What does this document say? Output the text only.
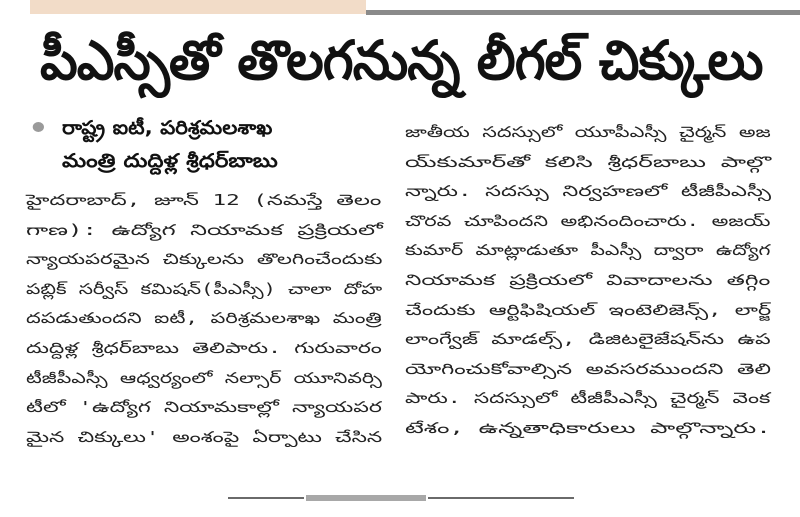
పీఎస్సీతో తొలగనున్న లీగల్ చిక్కులు
రాష్ట్ర ఐటీ, పరిశ్రమలశాఖ
మంత్రి దుద్దిళ్ల శ్రీధర్‌బాబు
హైదరాబాద్, జూన్ 12 (నమస్తే తెలం
గాణ): ఉద్యోగ నియామక ప్రక్రియలో
న్యాయపరమైన చిక్కులను తొలగించేందుకు
పబ్లిక్ సర్వీస్ కమిషన్(పీఎస్సీ) చాలా దోహ
దపడుతుందని ఐటీ, పరిశ్రమలశాఖ మంత్రి
దుద్దిళ్ల శ్రీధర్‌బాబు తెలిపారు. గురువారం
టీజీపీఎస్సీ ఆధ్వర్యంలో నల్సార్ యూనివర్సి
టీలో 'ఉద్యోగ నియామకాల్లో న్యాయపర
మైన చిక్కులు' అంశంపై ఏర్పాటు చేసిన
జాతీయ సదస్సులో యూపీఎస్సీ చైర్మన్ అజ
య్‌కుమార్‌తో కలిసి శ్రీధర్‌బాబు పాల్గొ
న్నారు. సదస్సు నిర్వహణలో టీజీపీఎస్సీ
చొరవ చూపిందని అభినందించారు. అజయ్
కుమార్ మాట్లాడుతూ పీఎస్సీ ద్వారా ఉద్యోగ
నియామక ప్రక్రియలో వివాదాలను తగ్గిం
చేందుకు ఆర్టిఫిషియల్ ఇంటెలిజెన్స్, లార్జ్
లాంగ్వేజ్ మాడల్స్, డిజిటలైజేషన్‌ను ఉప
యోగించుకోవాల్సిన అవసరముందని తెలి
పారు. సదస్సులో టీజీపీఎస్సీ చైర్మన్ వెంక
టేశం, ఉన్నతాధికారులు పాల్గొన్నారు.
